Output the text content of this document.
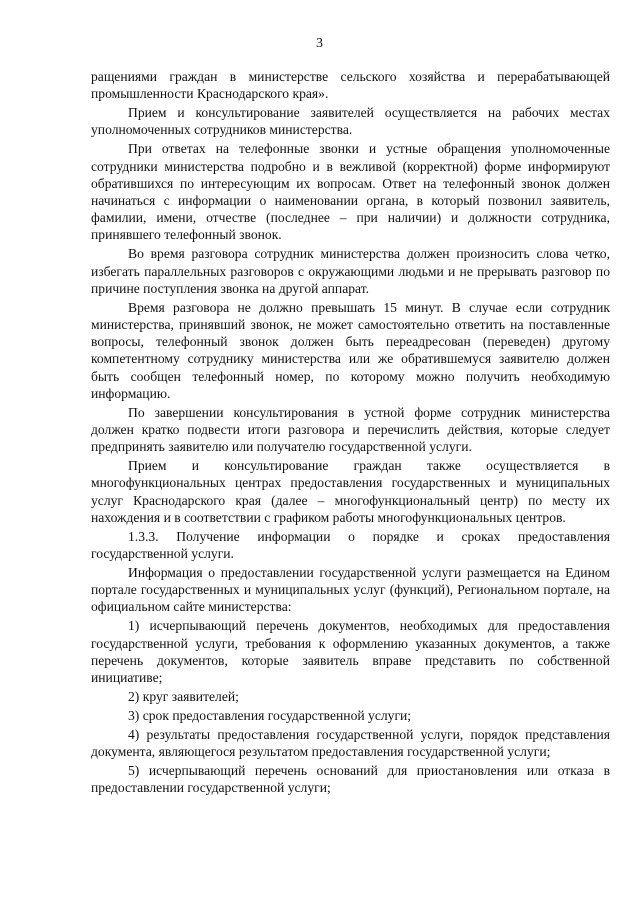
3

ращениями граждан в министерстве сельского хозяйства и перерабатывающей промышленности Краснодарского края».

Прием и консультирование заявителей осуществляется на рабочих местах уполномоченных сотрудников министерства.

При ответах на телефонные звонки и устные обращения уполномоченные сотрудники министерства подробно и в вежливой (корректной) форме информируют обратившихся по интересующим их вопросам. Ответ на телефонный звонок должен начинаться с информации о наименовании органа, в который позвонил заявитель, фамилии, имени, отчестве (последнее – при наличии) и должности сотрудника, принявшего телефонный звонок.

Во время разговора сотрудник министерства должен произносить слова четко, избегать параллельных разговоров с окружающими людьми и не прерывать разговор по причине поступления звонка на другой аппарат.

Время разговора не должно превышать 15 минут. В случае если сотрудник министерства, принявший звонок, не может самостоятельно ответить на поставленные вопросы, телефонный звонок должен быть переадресован (переведен) другому компетентному сотруднику министерства или же обратившемуся заявителю должен быть сообщен телефонный номер, по которому можно получить необходимую информацию.

По завершении консультирования в устной форме сотрудник министерства должен кратко подвести итоги разговора и перечислить действия, которые следует предпринять заявителю или получателю государственной услуги.

Прием и консультирование граждан также осуществляется в многофункциональных центрах предоставления государственных и муниципальных услуг Краснодарского края (далее – многофункциональный центр) по месту их нахождения и в соответствии с графиком работы многофункциональных центров.

1.3.3. Получение информации о порядке и сроках предоставления государственной услуги.

Информация о предоставлении государственной услуги размещается на Едином портале государственных и муниципальных услуг (функций), Региональном портале, на официальном сайте министерства:

1) исчерпывающий перечень документов, необходимых для предоставления государственной услуги, требования к оформлению указанных документов, а также перечень документов, которые заявитель вправе представить по собственной инициативе;

2) круг заявителей;

3) срок предоставления государственной услуги;

4) результаты предоставления государственной услуги, порядок представления документа, являющегося результатом предоставления государственной услуги;

5) исчерпывающий перечень оснований для приостановления или отказа в предоставлении государственной услуги;
